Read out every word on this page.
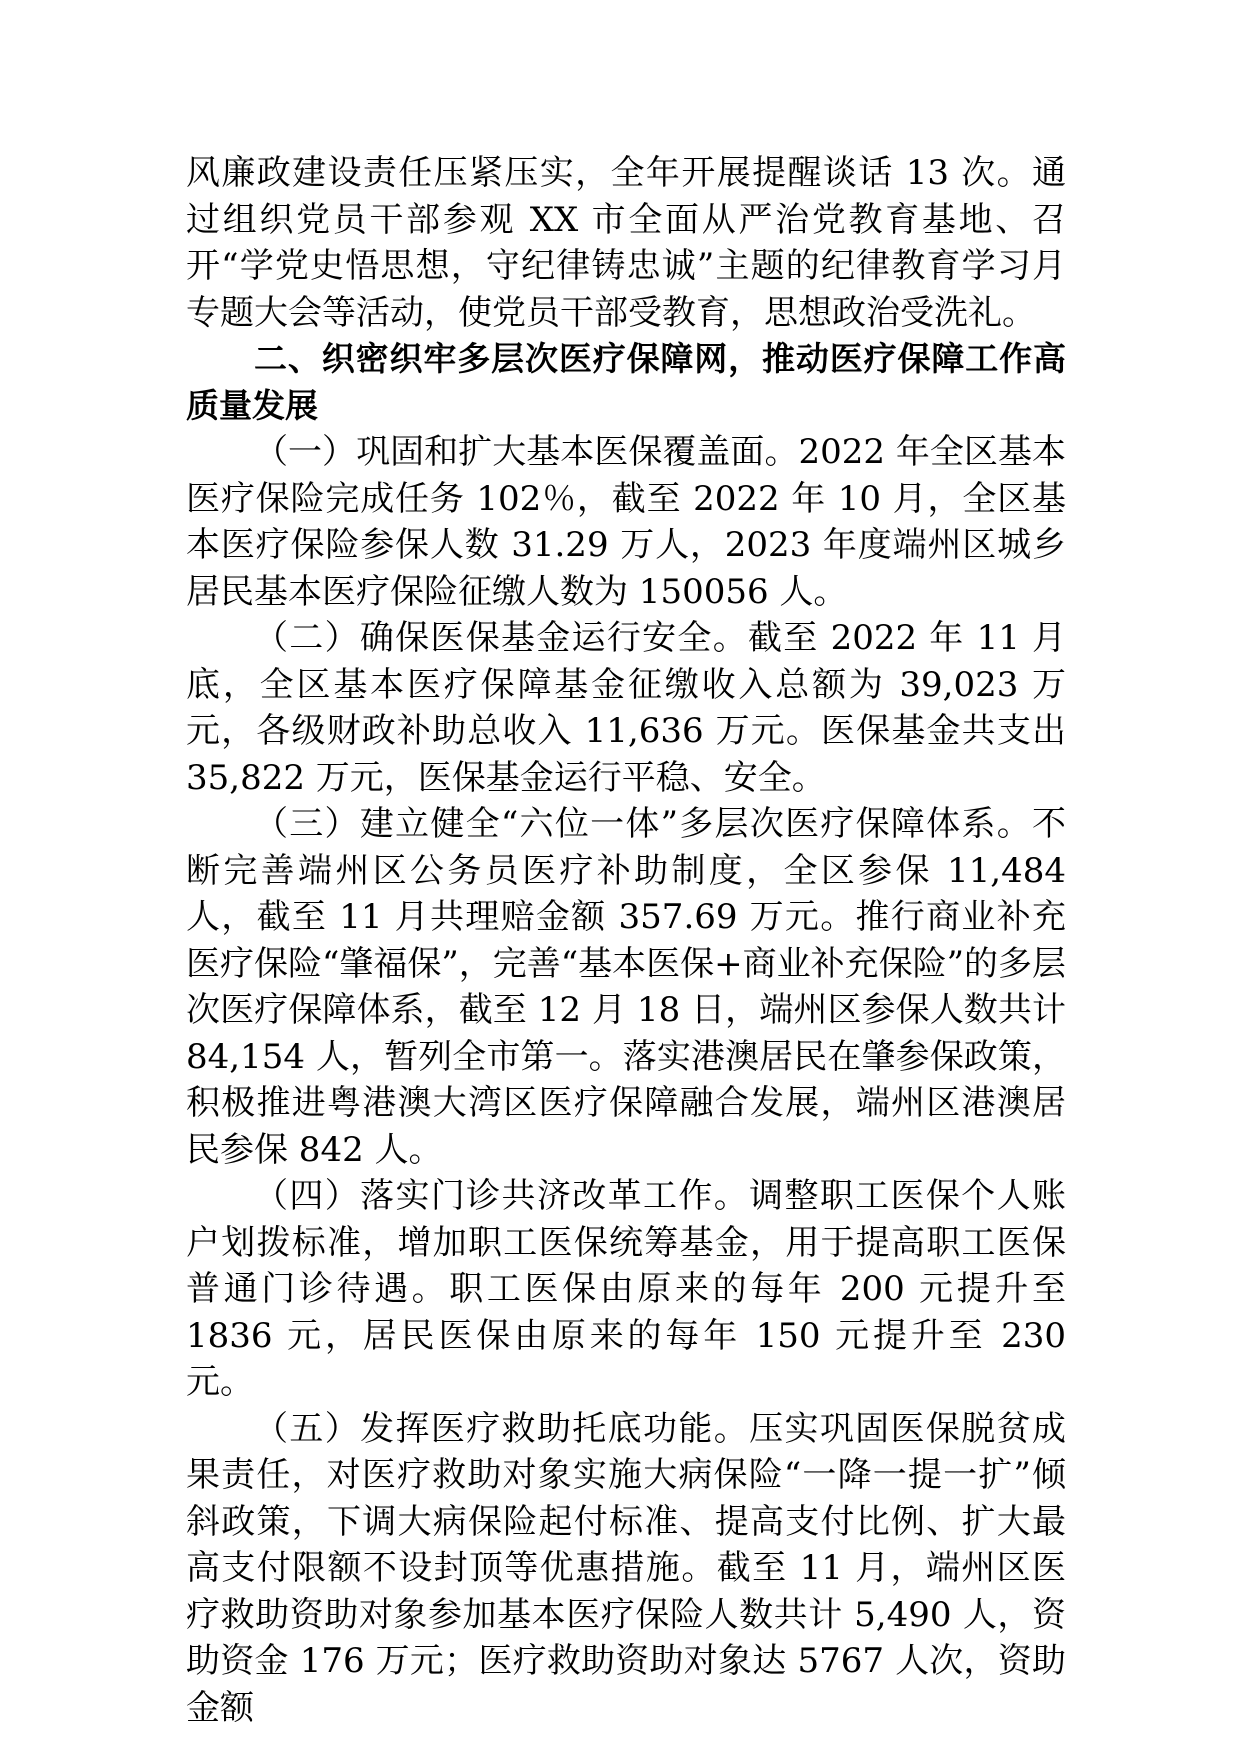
风廉政建设责任压紧压实，全年开展提醒谈话 13 次。通过组织党员干部参观 XX 市全面从严治党教育基地、召开“学党史悟思想，守纪律铸忠诚”主题的纪律教育学习月专题大会等活动，使党员干部受教育，思想政治受洗礼。

二、织密织牢多层次医疗保障网，推动医疗保障工作高质量发展

（一）巩固和扩大基本医保覆盖面。2022 年全区基本医疗保险完成任务 102％，截至 2022 年 10 月，全区基本医疗保险参保人数 31.29 万人，2023 年度端州区城乡居民基本医疗保险征缴人数为 150056 人。

（二）确保医保基金运行安全。截至 2022 年 11 月底，全区基本医疗保障基金征缴收入总额为 39,023 万元，各级财政补助总收入 11,636 万元。医保基金共支出 35,822 万元，医保基金运行平稳、安全。

（三）建立健全“六位一体”多层次医疗保障体系。不断完善端州区公务员医疗补助制度，全区参保 11,484 人，截至 11 月共理赔金额 357.69 万元。推行商业补充医疗保险“肇福保”，完善“基本医保+商业补充保险”的多层次医疗保障体系，截至 12 月 18 日，端州区参保人数共计 84,154 人，暂列全市第一。落实港澳居民在肇参保政策，积极推进粤港澳大湾区医疗保障融合发展，端州区港澳居民参保 842 人。

（四）落实门诊共济改革工作。调整职工医保个人账户划拨标准，增加职工医保统筹基金，用于提高职工医保普通门诊待遇。职工医保由原来的每年 200 元提升至 1836 元，居民医保由原来的每年 150 元提升至 230 元。

（五）发挥医疗救助托底功能。压实巩固医保脱贫成果责任，对医疗救助对象实施大病保险“一降一提一扩”倾斜政策，下调大病保险起付标准、提高支付比例、扩大最高支付限额不设封顶等优惠措施。截至 11 月，端州区医疗救助资助对象参加基本医疗保险人数共计 5,490 人，资助资金 176 万元；医疗救助资助对象达 5767 人次，资助金额
